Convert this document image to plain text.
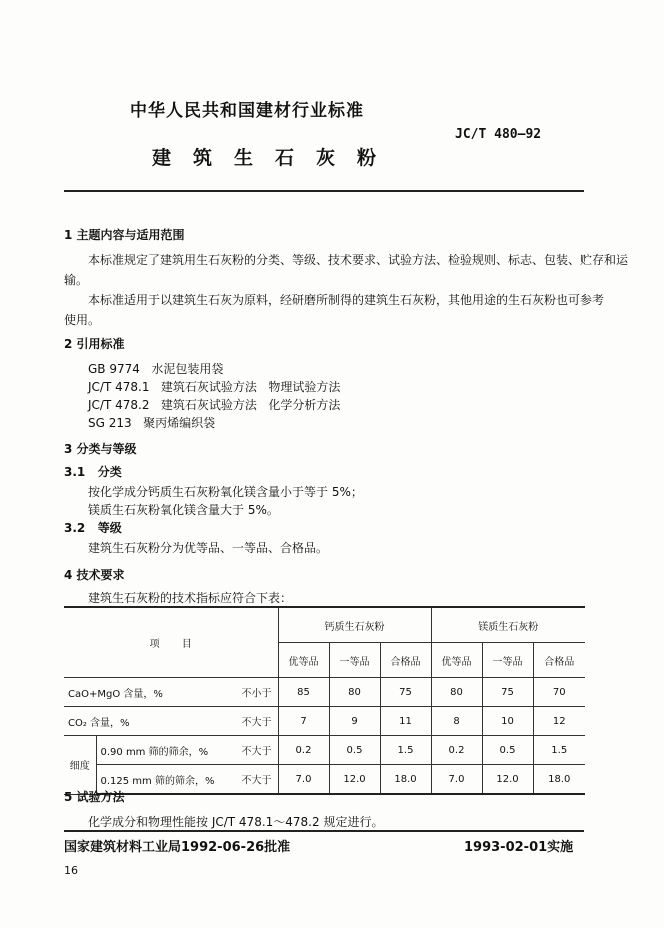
中华人民共和国建材行业标准
JC/T 480—92
建筑生石灰粉
1 主题内容与适用范围
本标准规定了建筑用生石灰粉的分类、等级、技术要求、试验方法、检验规则、标志、包装、贮存和运
输。
本标准适用于以建筑生石灰为原料，经研磨所制得的建筑生石灰粉，其他用途的生石灰粉也可参考
使用。
2 引用标准
GB 9774   水泥包装用袋
JC/T 478.1   建筑石灰试验方法   物理试验方法
JC/T 478.2   建筑石灰试验方法   化学分析方法
SG 213   聚丙烯编织袋
3 分类与等级
3.1   分类
按化学成分钙质生石灰粉氧化镁含量小于等于 5%；
镁质生石灰粉氧化镁含量大于 5%。
3.2   等级
建筑生石灰粉分为优等品、一等品、合格品。
4 技术要求
建筑生石灰粉的技术指标应符合下表：
项       目		钙质生石灰粉			镁质生石灰粉		
		优等品	一等品	合格品	优等品	一等品	合格品
CaO+MgO 含量，% 不小于		85	80	75	80	75	70
CO₂ 含量，% 不大于		7	9	11	8	10	12
细度	0.90 mm 筛的筛余，% 不大于	0.2	0.5	1.5	0.2	0.5	1.5
	0.125 mm 筛的筛余，% 不大于	7.0	12.0	18.0	7.0	12.0	18.0
5 试验方法
化学成分和物理性能按 JC/T 478.1～478.2 规定进行。
国家建筑材料工业局1992-06-26批准	1993-02-01实施
16
